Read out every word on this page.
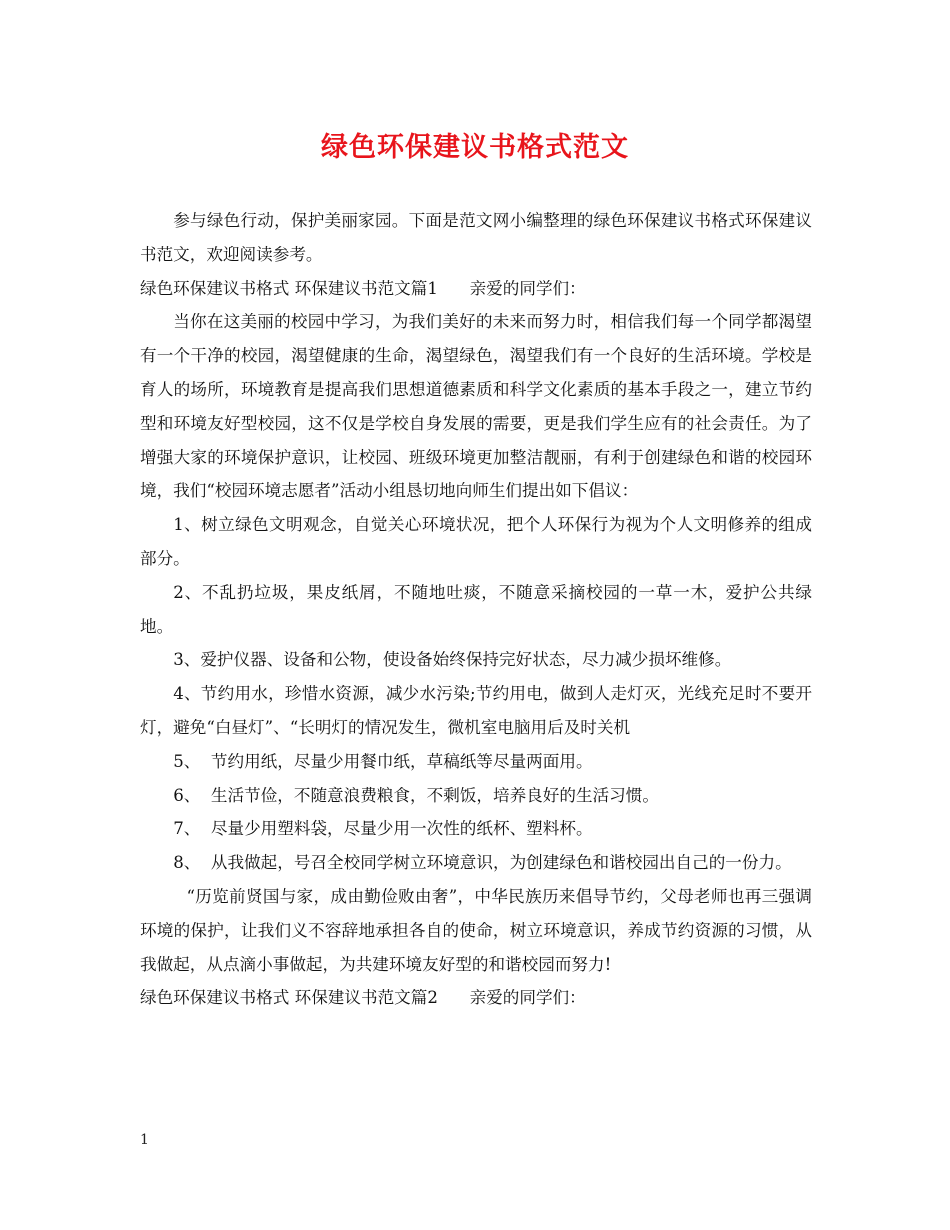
绿色环保建议书格式范文

参与绿色行动，保护美丽家园。下面是范文网小编整理的绿色环保建议书格式环保建议书范文，欢迎阅读参考。

绿色环保建议书格式 环保建议书范文篇1      亲爱的同学们：

当你在这美丽的校园中学习，为我们美好的未来而努力时，相信我们每一个同学都渴望有一个干净的校园，渴望健康的生命，渴望绿色，渴望我们有一个良好的生活环境。学校是育人的场所，环境教育是提高我们思想道德素质和科学文化素质的基本手段之一，建立节约型和环境友好型校园，这不仅是学校自身发展的需要，更是我们学生应有的社会责任。为了增强大家的环境保护意识，让校园、班级环境更加整洁靓丽，有利于创建绿色和谐的校园环境，我们“校园环境志愿者”活动小组恳切地向师生们提出如下倡议：

1、树立绿色文明观念，自觉关心环境状况，把个人环保行为视为个人文明修养的组成部分。

2、不乱扔垃圾，果皮纸屑，不随地吐痰，不随意采摘校园的一草一木，爱护公共绿地。

3、爱护仪器、设备和公物，使设备始终保持完好状态，尽力减少损坏维修。

4、节约用水，珍惜水资源，减少水污染;节约用电，做到人走灯灭，光线充足时不要开灯，避免“白昼灯”、“长明灯的情况发生，微机室电脑用后及时关机

5、  节约用纸，尽量少用餐巾纸，草稿纸等尽量两面用。

6、  生活节俭，不随意浪费粮食，不剩饭，培养良好的生活习惯。

7、  尽量少用塑料袋，尽量少用一次性的纸杯、塑料杯。

8、  从我做起，号召全校同学树立环境意识，为创建绿色和谐校园出自己的一份力。

“历览前贤国与家，成由勤俭败由奢”，中华民族历来倡导节约，父母老师也再三强调环境的保护，让我们义不容辞地承担各自的使命，树立环境意识，养成节约资源的习惯，从我做起，从点滴小事做起，为共建环境友好型的和谐校园而努力!

绿色环保建议书格式 环保建议书范文篇2      亲爱的同学们：

1
